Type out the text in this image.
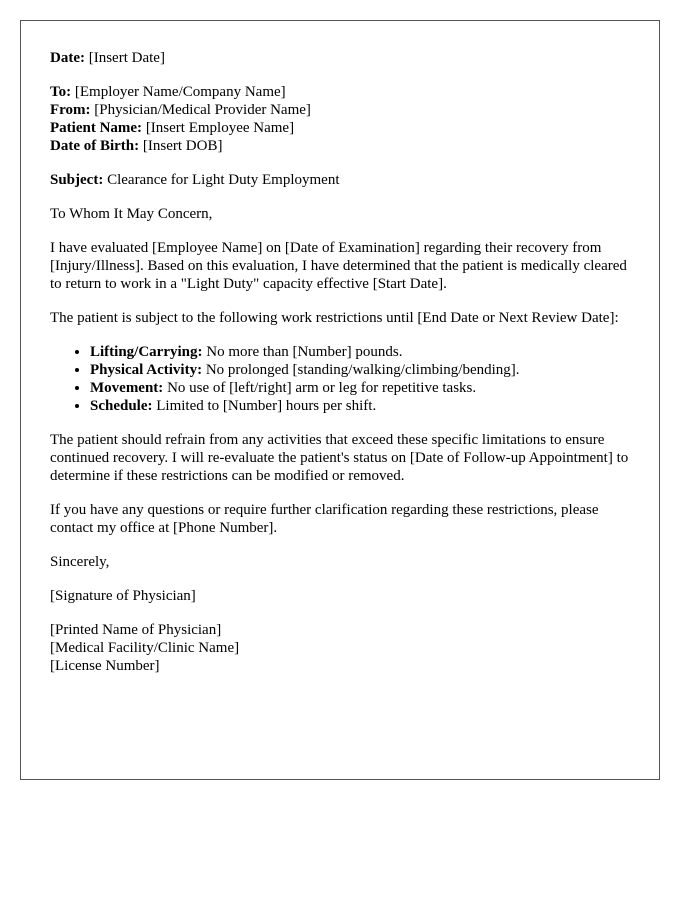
Date: [Insert Date]
To: [Employer Name/Company Name]
From: [Physician/Medical Provider Name]
Patient Name: [Insert Employee Name]
Date of Birth: [Insert DOB]
Subject: Clearance for Light Duty Employment

To Whom It May Concern,

I have evaluated [Employee Name] on [Date of Examination] regarding their recovery from [Injury/Illness]. Based on this evaluation, I have determined that the patient is medically cleared to return to work in a "Light Duty" capacity effective [Start Date].

The patient is subject to the following work restrictions until [End Date or Next Review Date]:

• Lifting/Carrying: No more than [Number] pounds.
• Physical Activity: No prolonged [standing/walking/climbing/bending].
• Movement: No use of [left/right] arm or leg for repetitive tasks.
• Schedule: Limited to [Number] hours per shift.

The patient should refrain from any activities that exceed these specific limitations to ensure continued recovery. I will re-evaluate the patient's status on [Date of Follow-up Appointment] to determine if these restrictions can be modified or removed.

If you have any questions or require further clarification regarding these restrictions, please contact my office at [Phone Number].

Sincerely,

[Signature of Physician]

[Printed Name of Physician]
[Medical Facility/Clinic Name]
[License Number]
